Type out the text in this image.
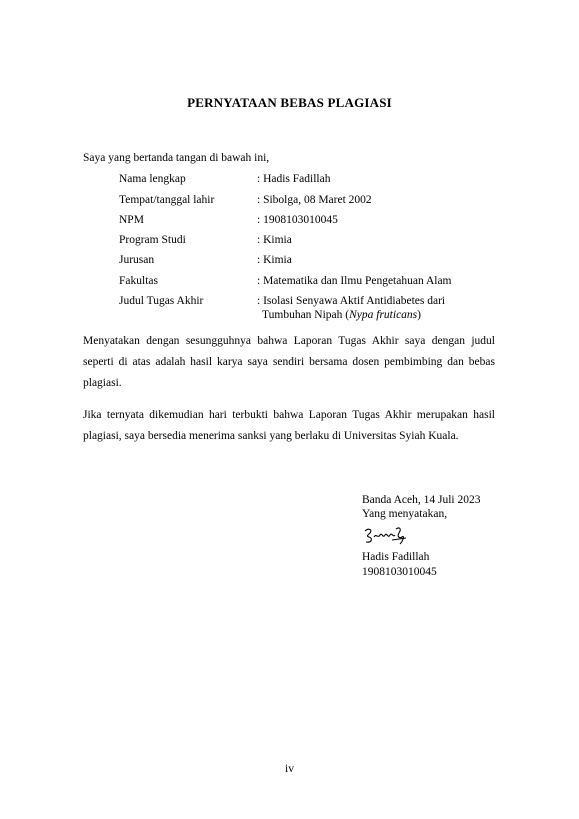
PERNYATAAN BEBAS PLAGIASI
Saya yang bertanda tangan di bawah ini,
Nama lengkap	: Hadis Fadillah
Tempat/tanggal lahir	: Sibolga, 08 Maret 2002
NPM	: 1908103010045
Program Studi	: Kimia
Jurusan	: Kimia
Fakultas	: Matematika dan Ilmu Pengetahuan Alam
Judul Tugas Akhir	: Isolasi Senyawa Aktif Antidiabetes dari
Tumbuhan Nipah (Nypa fruticans)

Menyatakan dengan sesungguhnya bahwa Laporan Tugas Akhir saya dengan judul seperti di atas adalah hasil karya saya sendiri bersama dosen pembimbing dan bebas plagiasi.

Jika ternyata dikemudian hari terbukti bahwa Laporan Tugas Akhir merupakan hasil plagiasi, saya bersedia menerima sanksi yang berlaku di Universitas Syiah Kuala.

Banda Aceh, 14 Juli 2023
Yang menyatakan,
Hadis Fadillah
1908103010045
iv
